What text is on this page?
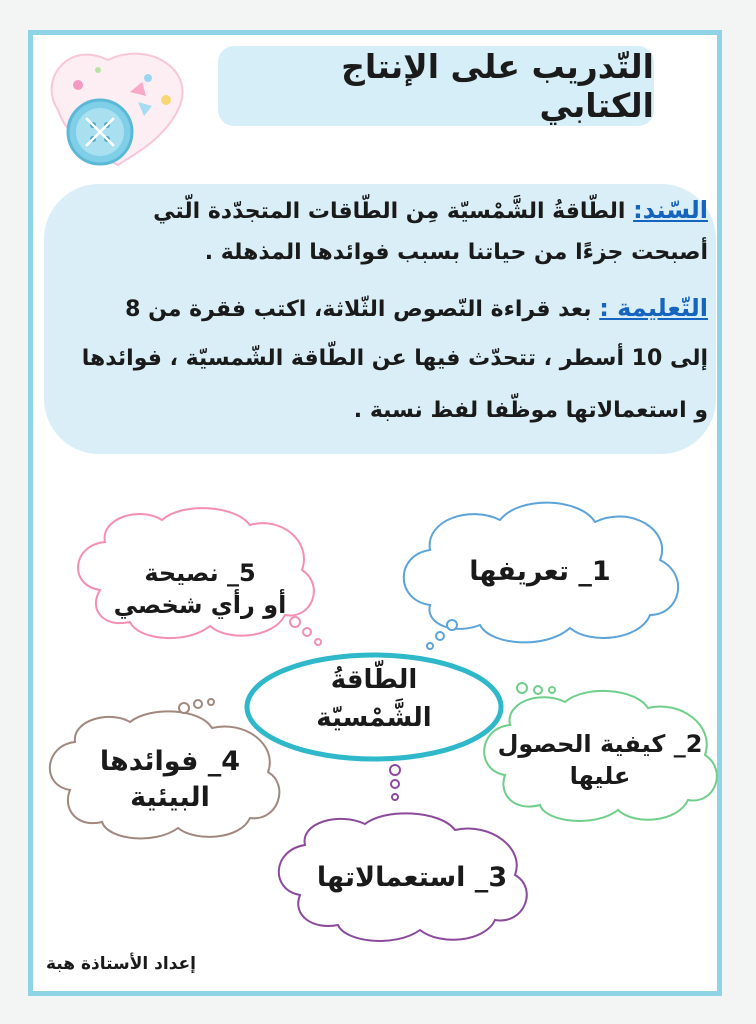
التّدريب على الإنتاج الكتابي
السّند: الطّاقةُ الشَّمْسيّة مِن الطّاقات المتجدّدة الّتي
أصبحت جزءًا من حياتنا بسبب فوائدها المذهلة .
التّعليمة : بعد قراءة النّصوص الثّلاثة، اكتب فقرة من 8
إلى 10 أسطر ، تتحدّث فيها عن الطّاقة الشّمسيّة ، فوائدها
و استعمالاتها موظّفا لفظ نسبة .
الطّاقةُ
الشَّمْسيّة
1_ تعريفها
2_ كيفية الحصول
عليها
3_ استعمالاتها
4_ فوائدها
البيئية
5_ نصيحة
أو رأي شخصي
إعداد الأستاذة هبة
